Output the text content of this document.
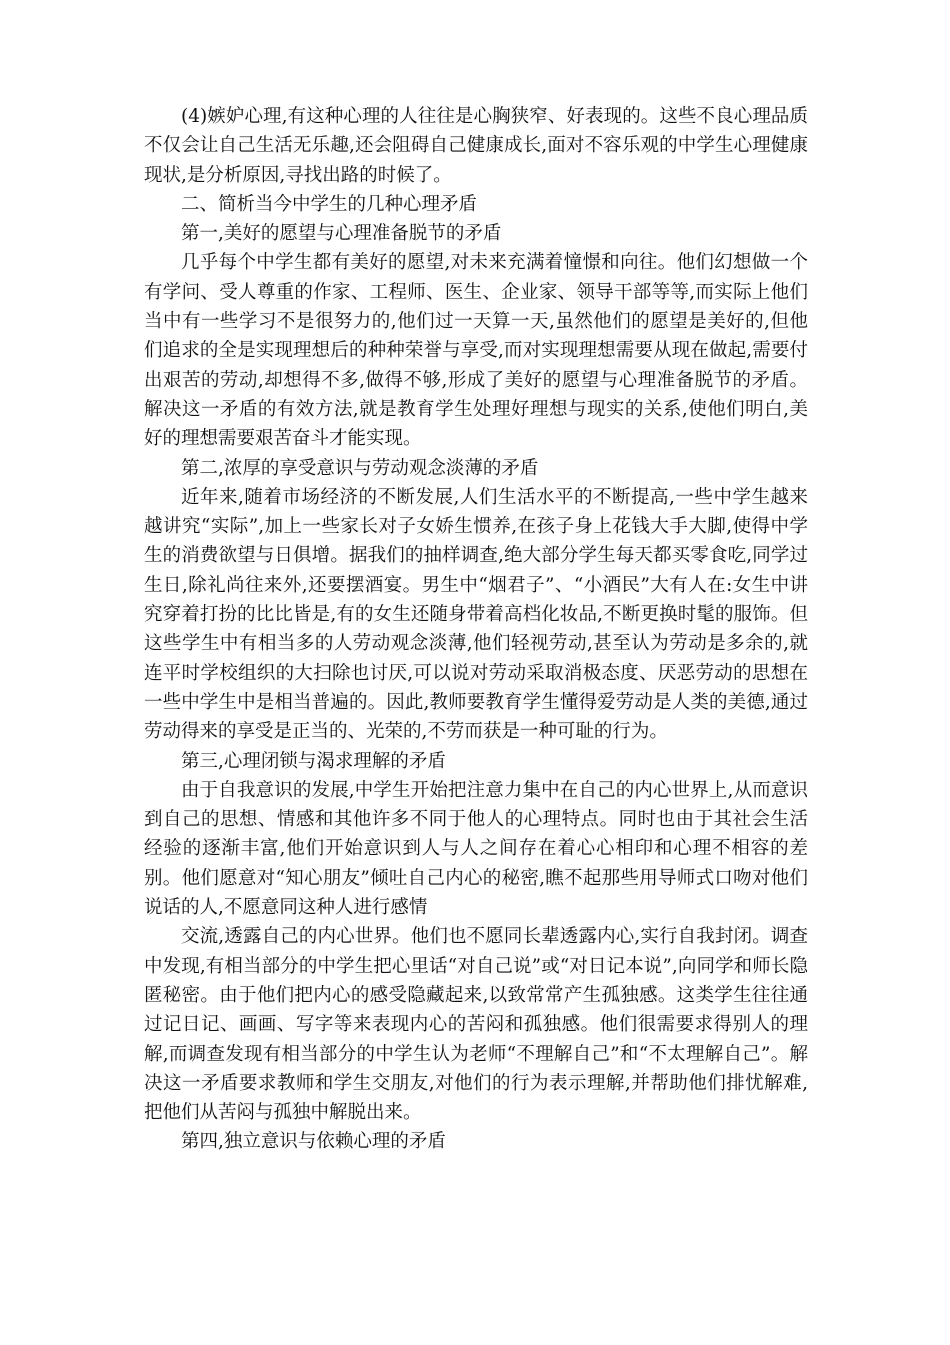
(4)嫉妒心理,有这种心理的人往往是心胸狭窄、好表现的。这些不良心理品质不仅会让自己生活无乐趣,还会阻碍自己健康成长,面对不容乐观的中学生心理健康现状,是分析原因,寻找出路的时候了。

二、简析当今中学生的几种心理矛盾

第一,美好的愿望与心理准备脱节的矛盾

几乎每个中学生都有美好的愿望,对未来充满着憧憬和向往。他们幻想做一个有学问、受人尊重的作家、工程师、医生、企业家、领导干部等等,而实际上他们当中有一些学习不是很努力的,他们过一天算一天,虽然他们的愿望是美好的,但他们追求的全是实现理想后的种种荣誉与享受,而对实现理想需要从现在做起,需要付出艰苦的劳动,却想得不多,做得不够,形成了美好的愿望与心理准备脱节的矛盾。解决这一矛盾的有效方法,就是教育学生处理好理想与现实的关系,使他们明白,美好的理想需要艰苦奋斗才能实现。

第二,浓厚的享受意识与劳动观念淡薄的矛盾

近年来,随着市场经济的不断发展,人们生活水平的不断提高,一些中学生越来越讲究“实际”,加上一些家长对子女娇生惯养,在孩子身上花钱大手大脚,使得中学生的消费欲望与日俱增。据我们的抽样调查,绝大部分学生每天都买零食吃,同学过生日,除礼尚往来外,还要摆酒宴。男生中“烟君子”、“小酒民”大有人在:女生中讲究穿着打扮的比比皆是,有的女生还随身带着高档化妆品,不断更换时髦的服饰。但这些学生中有相当多的人劳动观念淡薄,他们轻视劳动,甚至认为劳动是多余的,就连平时学校组织的大扫除也讨厌,可以说对劳动采取消极态度、厌恶劳动的思想在一些中学生中是相当普遍的。因此,教师要教育学生懂得爱劳动是人类的美德,通过劳动得来的享受是正当的、光荣的,不劳而获是一种可耻的行为。

第三,心理闭锁与渴求理解的矛盾

由于自我意识的发展,中学生开始把注意力集中在自己的内心世界上,从而意识到自己的思想、情感和其他许多不同于他人的心理特点。同时也由于其社会生活经验的逐渐丰富,他们开始意识到人与人之间存在着心心相印和心理不相容的差别。他们愿意对“知心朋友”倾吐自己内心的秘密,瞧不起那些用导师式口吻对他们说话的人,不愿意同这种人进行感情

交流,透露自己的内心世界。他们也不愿同长辈透露内心,实行自我封闭。调查中发现,有相当部分的中学生把心里话“对自己说”或“对日记本说”,向同学和师长隐匿秘密。由于他们把内心的感受隐藏起来,以致常常产生孤独感。这类学生往往通过记日记、画画、写字等来表现内心的苦闷和孤独感。他们很需要求得别人的理解,而调查发现有相当部分的中学生认为老师“不理解自己”和“不太理解自己”。解决这一矛盾要求教师和学生交朋友,对他们的行为表示理解,并帮助他们排忧解难,把他们从苦闷与孤独中解脱出来。

第四,独立意识与依赖心理的矛盾
